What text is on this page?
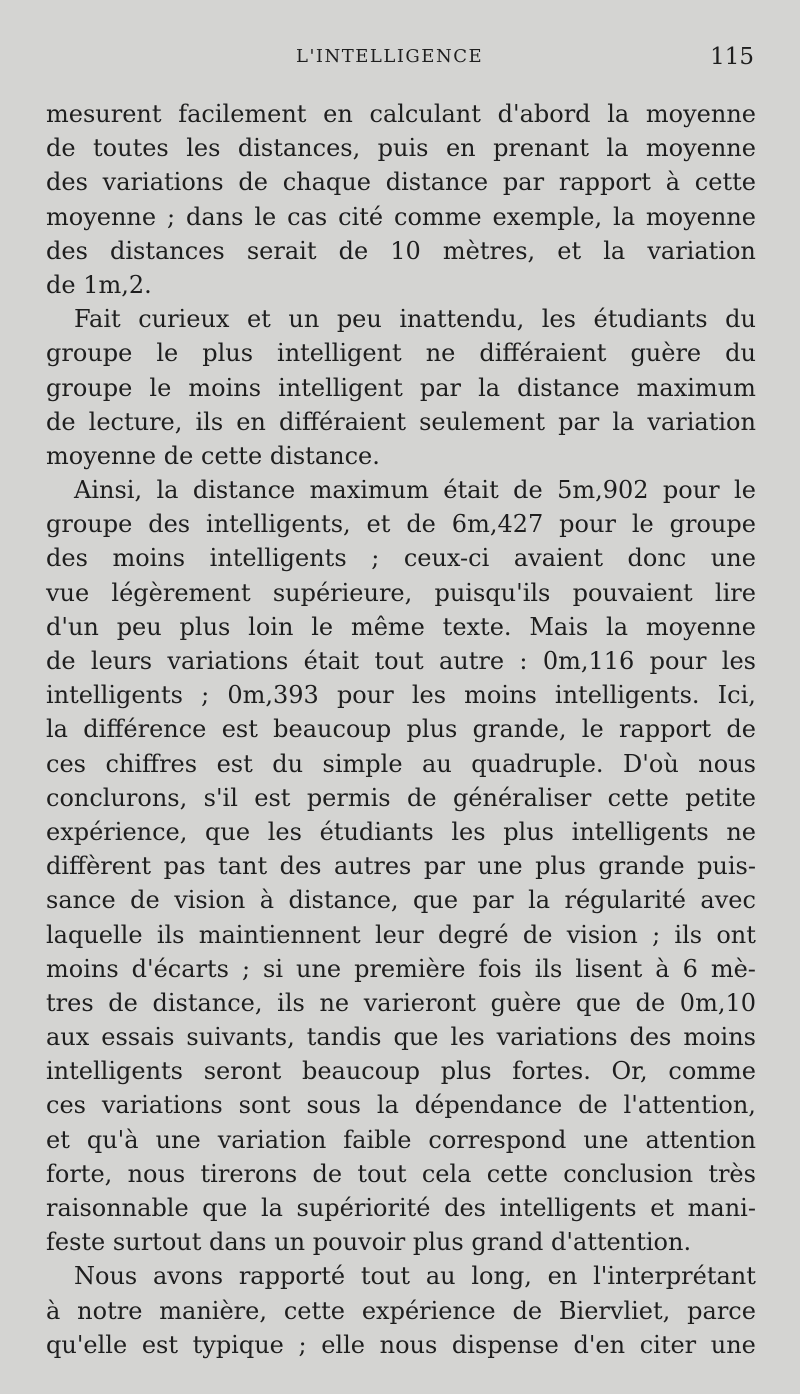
L'INTELLIGENCE	115
mesurent facilement en calculant d'abord la moyenne
de toutes les distances, puis en prenant la moyenne
des variations de chaque distance par rapport à cette
moyenne ; dans le cas cité comme exemple, la moyenne
des distances serait de 10 mètres, et la variation
de 1m,2.
Fait curieux et un peu inattendu, les étudiants du
groupe le plus intelligent ne différaient guère du
groupe le moins intelligent par la distance maximum
de lecture, ils en différaient seulement par la variation
moyenne de cette distance.
Ainsi, la distance maximum était de 5m,902 pour le
groupe des intelligents, et de 6m,427 pour le groupe
des moins intelligents ; ceux-ci avaient donc une
vue légèrement supérieure, puisqu'ils pouvaient lire
d'un peu plus loin le même texte. Mais la moyenne
de leurs variations était tout autre : 0m,116 pour les
intelligents ; 0m,393 pour les moins intelligents. Ici,
la différence est beaucoup plus grande, le rapport de
ces chiffres est du simple au quadruple. D'où nous
conclurons, s'il est permis de généraliser cette petite
expérience, que les étudiants les plus intelligents ne
diffèrent pas tant des autres par une plus grande puis-
sance de vision à distance, que par la régularité avec
laquelle ils maintiennent leur degré de vision ; ils ont
moins d'écarts ; si une première fois ils lisent à 6 mè-
tres de distance, ils ne varieront guère que de 0m,10
aux essais suivants, tandis que les variations des moins
intelligents seront beaucoup plus fortes. Or, comme
ces variations sont sous la dépendance de l'attention,
et qu'à une variation faible correspond une attention
forte, nous tirerons de tout cela cette conclusion très
raisonnable que la supériorité des intelligents et mani-
feste surtout dans un pouvoir plus grand d'attention.
Nous avons rapporté tout au long, en l'interprétant
à notre manière, cette expérience de Biervliet, parce
qu'elle est typique ; elle nous dispense d'en citer une
